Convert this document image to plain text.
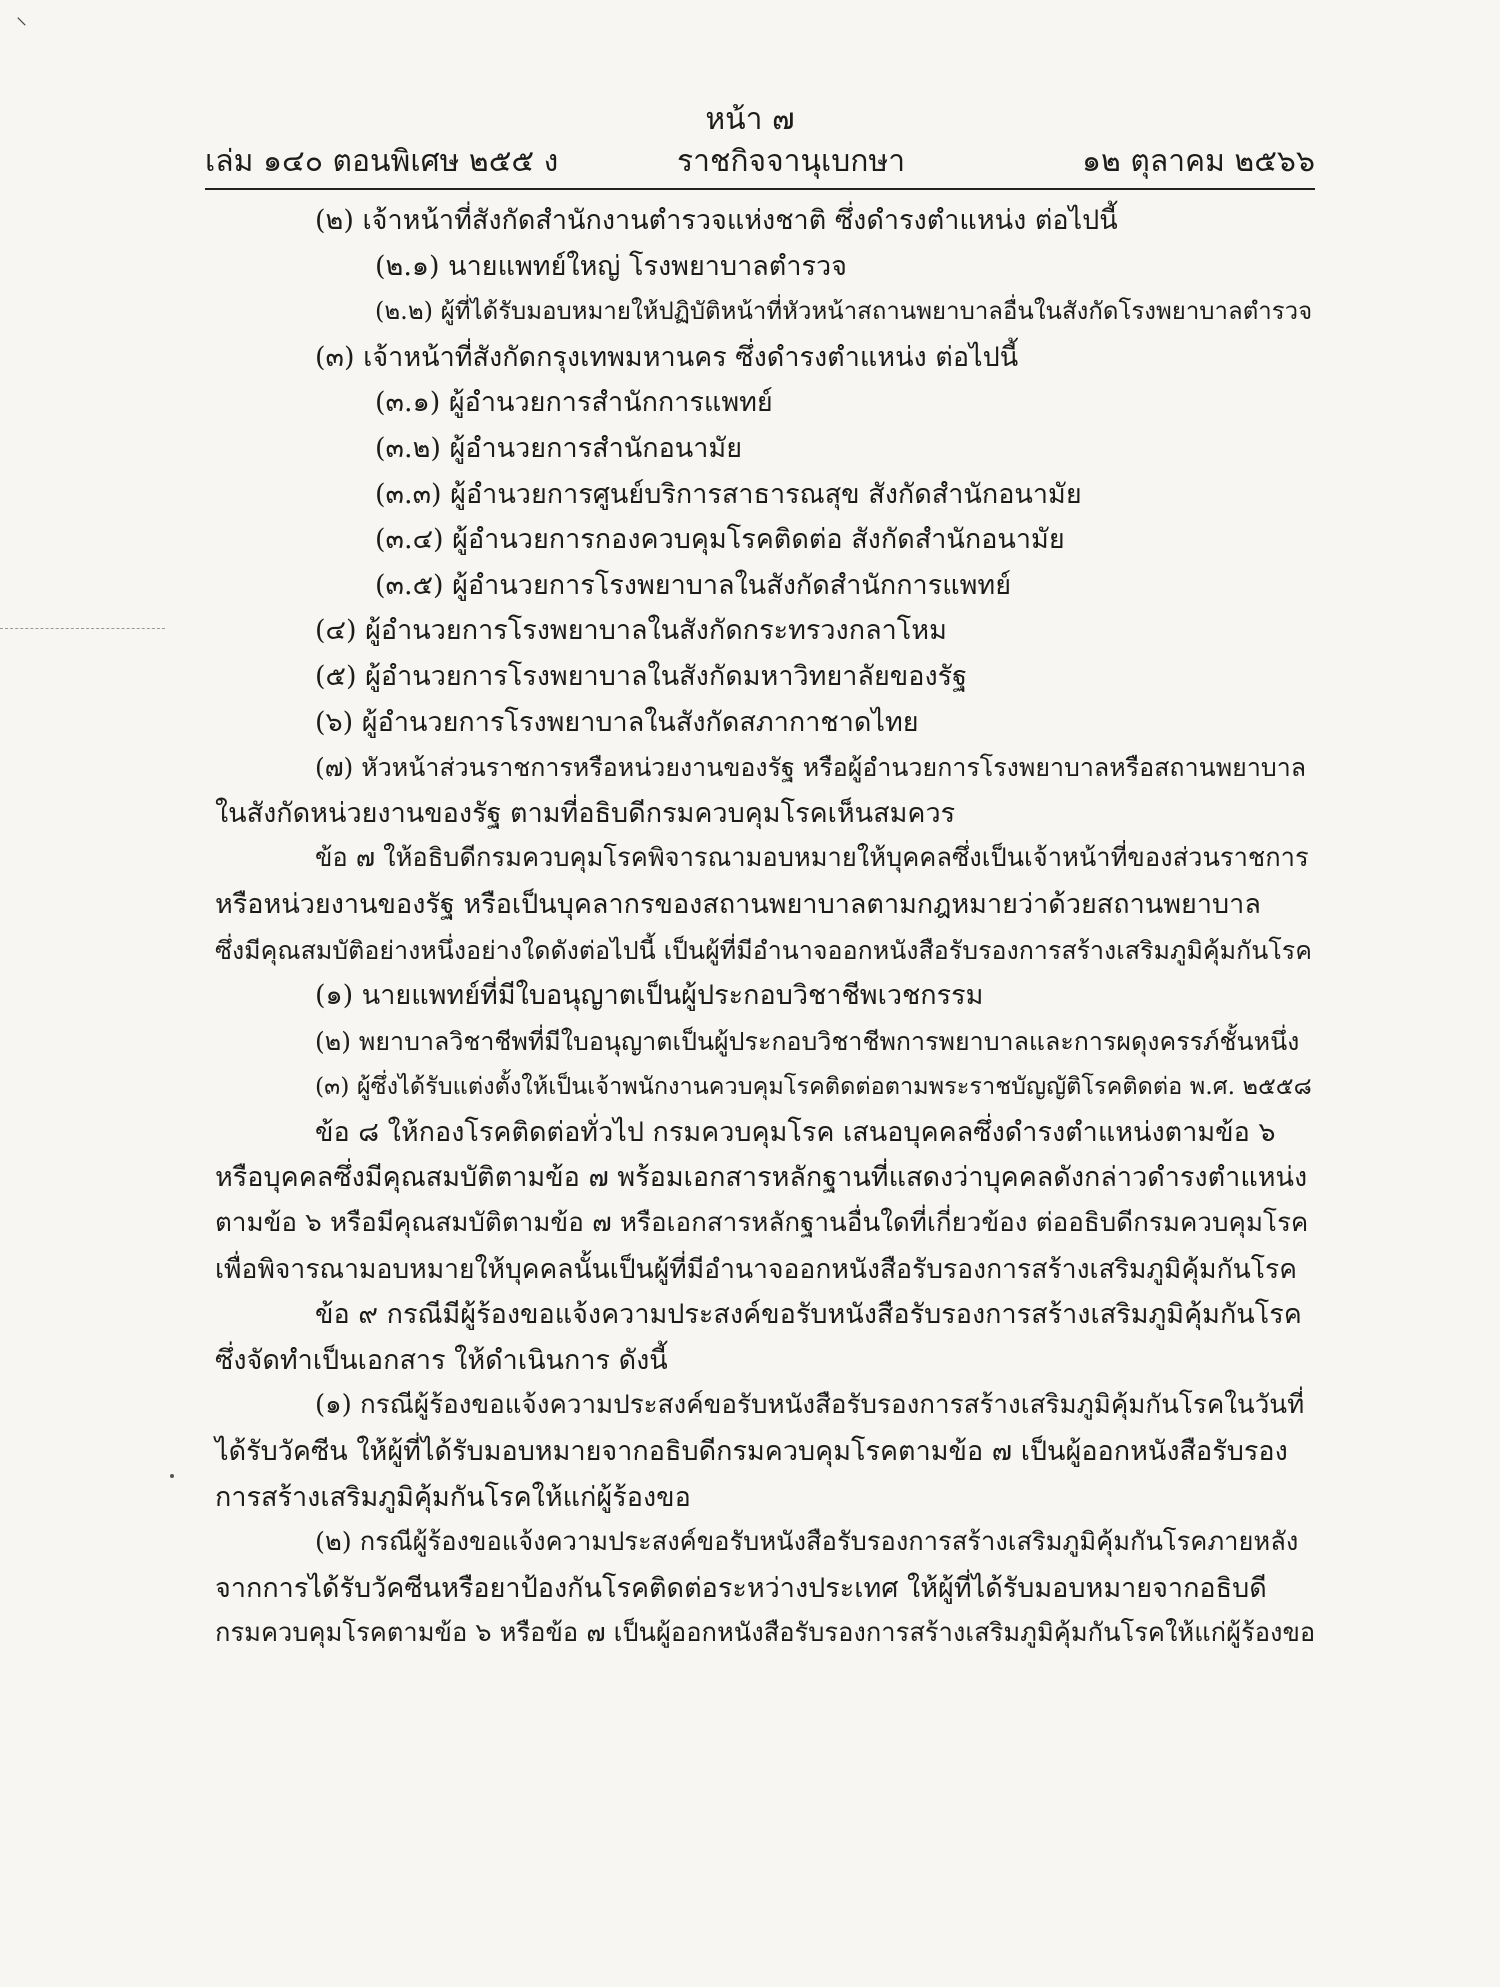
⸌
หน้า ๗
เล่ม ๑๔๐ ตอนพิเศษ ๒๕๕ ง	ราชกิจจานุเบกษา	๑๒ ตุลาคม ๒๕๖๖
(๒) เจ้าหน้าที่สังกัดสำนักงานตำรวจแห่งชาติ ซึ่งดำรงตำแหน่ง ต่อไปนี้
(๒.๑) นายแพทย์ใหญ่ โรงพยาบาลตำรวจ
(๒.๒) ผู้ที่ได้รับมอบหมายให้ปฏิบัติหน้าที่หัวหน้าสถานพยาบาลอื่นในสังกัดโรงพยาบาลตำรวจ
(๓) เจ้าหน้าที่สังกัดกรุงเทพมหานคร ซึ่งดำรงตำแหน่ง ต่อไปนี้
(๓.๑) ผู้อำนวยการสำนักการแพทย์
(๓.๒) ผู้อำนวยการสำนักอนามัย
(๓.๓) ผู้อำนวยการศูนย์บริการสาธารณสุข สังกัดสำนักอนามัย
(๓.๔) ผู้อำนวยการกองควบคุมโรคติดต่อ สังกัดสำนักอนามัย
(๓.๕) ผู้อำนวยการโรงพยาบาลในสังกัดสำนักการแพทย์
(๔) ผู้อำนวยการโรงพยาบาลในสังกัดกระทรวงกลาโหม
(๕) ผู้อำนวยการโรงพยาบาลในสังกัดมหาวิทยาลัยของรัฐ
(๖) ผู้อำนวยการโรงพยาบาลในสังกัดสภากาชาดไทย
(๗) หัวหน้าส่วนราชการหรือหน่วยงานของรัฐ หรือผู้อำนวยการโรงพยาบาลหรือสถานพยาบาล
ในสังกัดหน่วยงานของรัฐ ตามที่อธิบดีกรมควบคุมโรคเห็นสมควร
ข้อ ๗ ให้อธิบดีกรมควบคุมโรคพิจารณามอบหมายให้บุคคลซึ่งเป็นเจ้าหน้าที่ของส่วนราชการ
หรือหน่วยงานของรัฐ หรือเป็นบุคลากรของสถานพยาบาลตามกฎหมายว่าด้วยสถานพยาบาล
ซึ่งมีคุณสมบัติอย่างหนึ่งอย่างใดดังต่อไปนี้ เป็นผู้ที่มีอำนาจออกหนังสือรับรองการสร้างเสริมภูมิคุ้มกันโรค
(๑) นายแพทย์ที่มีใบอนุญาตเป็นผู้ประกอบวิชาชีพเวชกรรม
(๒) พยาบาลวิชาชีพที่มีใบอนุญาตเป็นผู้ประกอบวิชาชีพการพยาบาลและการผดุงครรภ์ชั้นหนึ่ง
(๓) ผู้ซึ่งได้รับแต่งตั้งให้เป็นเจ้าพนักงานควบคุมโรคติดต่อตามพระราชบัญญัติโรคติดต่อ พ.ศ. ๒๕๕๘
ข้อ ๘ ให้กองโรคติดต่อทั่วไป กรมควบคุมโรค เสนอบุคคลซึ่งดำรงตำแหน่งตามข้อ ๖
หรือบุคคลซึ่งมีคุณสมบัติตามข้อ ๗ พร้อมเอกสารหลักฐานที่แสดงว่าบุคคลดังกล่าวดำรงตำแหน่ง
ตามข้อ ๖ หรือมีคุณสมบัติตามข้อ ๗ หรือเอกสารหลักฐานอื่นใดที่เกี่ยวข้อง ต่ออธิบดีกรมควบคุมโรค
เพื่อพิจารณามอบหมายให้บุคคลนั้นเป็นผู้ที่มีอำนาจออกหนังสือรับรองการสร้างเสริมภูมิคุ้มกันโรค
ข้อ ๙ กรณีมีผู้ร้องขอแจ้งความประสงค์ขอรับหนังสือรับรองการสร้างเสริมภูมิคุ้มกันโรค
ซึ่งจัดทำเป็นเอกสาร ให้ดำเนินการ ดังนี้
(๑) กรณีผู้ร้องขอแจ้งความประสงค์ขอรับหนังสือรับรองการสร้างเสริมภูมิคุ้มกันโรคในวันที่
ได้รับวัคซีน ให้ผู้ที่ได้รับมอบหมายจากอธิบดีกรมควบคุมโรคตามข้อ ๗ เป็นผู้ออกหนังสือรับรอง
การสร้างเสริมภูมิคุ้มกันโรคให้แก่ผู้ร้องขอ
(๒) กรณีผู้ร้องขอแจ้งความประสงค์ขอรับหนังสือรับรองการสร้างเสริมภูมิคุ้มกันโรคภายหลัง
จากการได้รับวัคซีนหรือยาป้องกันโรคติดต่อระหว่างประเทศ ให้ผู้ที่ได้รับมอบหมายจากอธิบดี
กรมควบคุมโรคตามข้อ ๖ หรือข้อ ๗ เป็นผู้ออกหนังสือรับรองการสร้างเสริมภูมิคุ้มกันโรคให้แก่ผู้ร้องขอ
